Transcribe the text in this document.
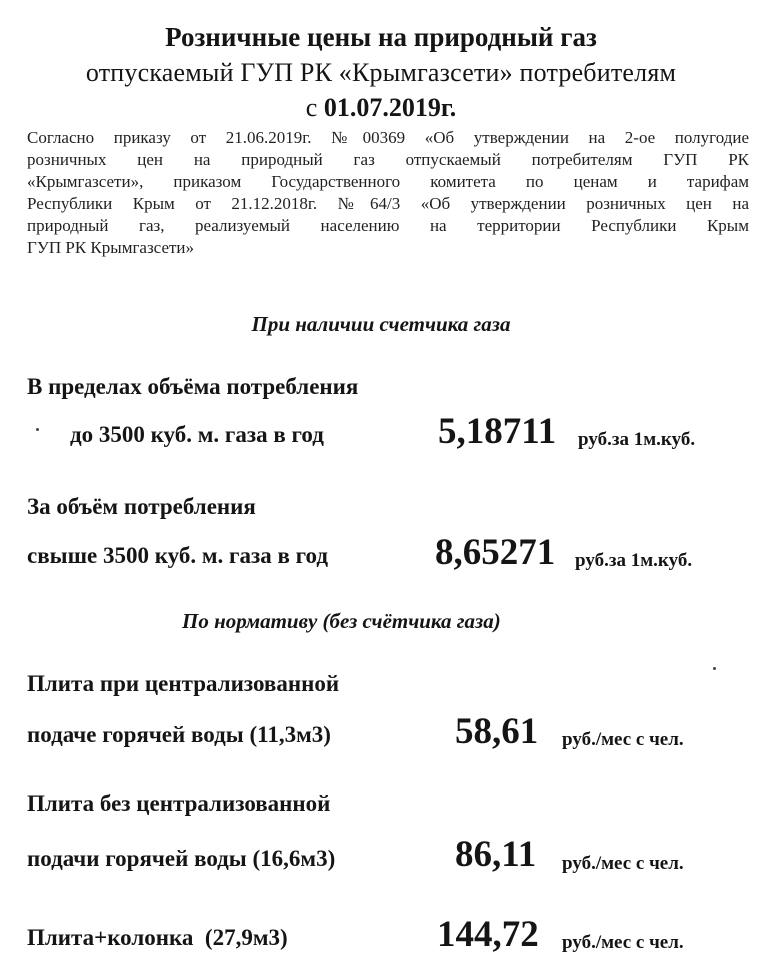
Розничные цены на природный газ
отпускаемый ГУП РК «Крымгазсети» потребителям
с 01.07.2019г.
Согласно приказу от 21.06.2019г. №00369 «Об утверждении на 2-ое полугодие
розничных цен на природный газ отпускаемый потребителям ГУП РК
«Крымгазсети», приказом Государственного комитета по ценам и тарифам
Республики Крым от 21.12.2018г. №64/3 «Об утверждении розничных цен на
природный газ, реализуемый населению на территории Республики Крым
ГУП РК Крымгазсети»
При наличии счетчика газа
В пределах объёма потребления
до 3500 куб. м. газа в год	5,18711 руб.за 1м.куб.
За объём потребления
свыше 3500 куб. м. газа в год	8,65271 руб.за 1м.куб.
По нормативу (без счётчика газа)
Плита при централизованной
подаче горячей воды (11,3м3)	58,61 руб./мес с чел.
Плита без централизованной
подачи горячей воды (16,6м3)	86,11 руб./мес с чел.
Плита+колонка  (27,9м3)	144,72 руб./мес с чел.
